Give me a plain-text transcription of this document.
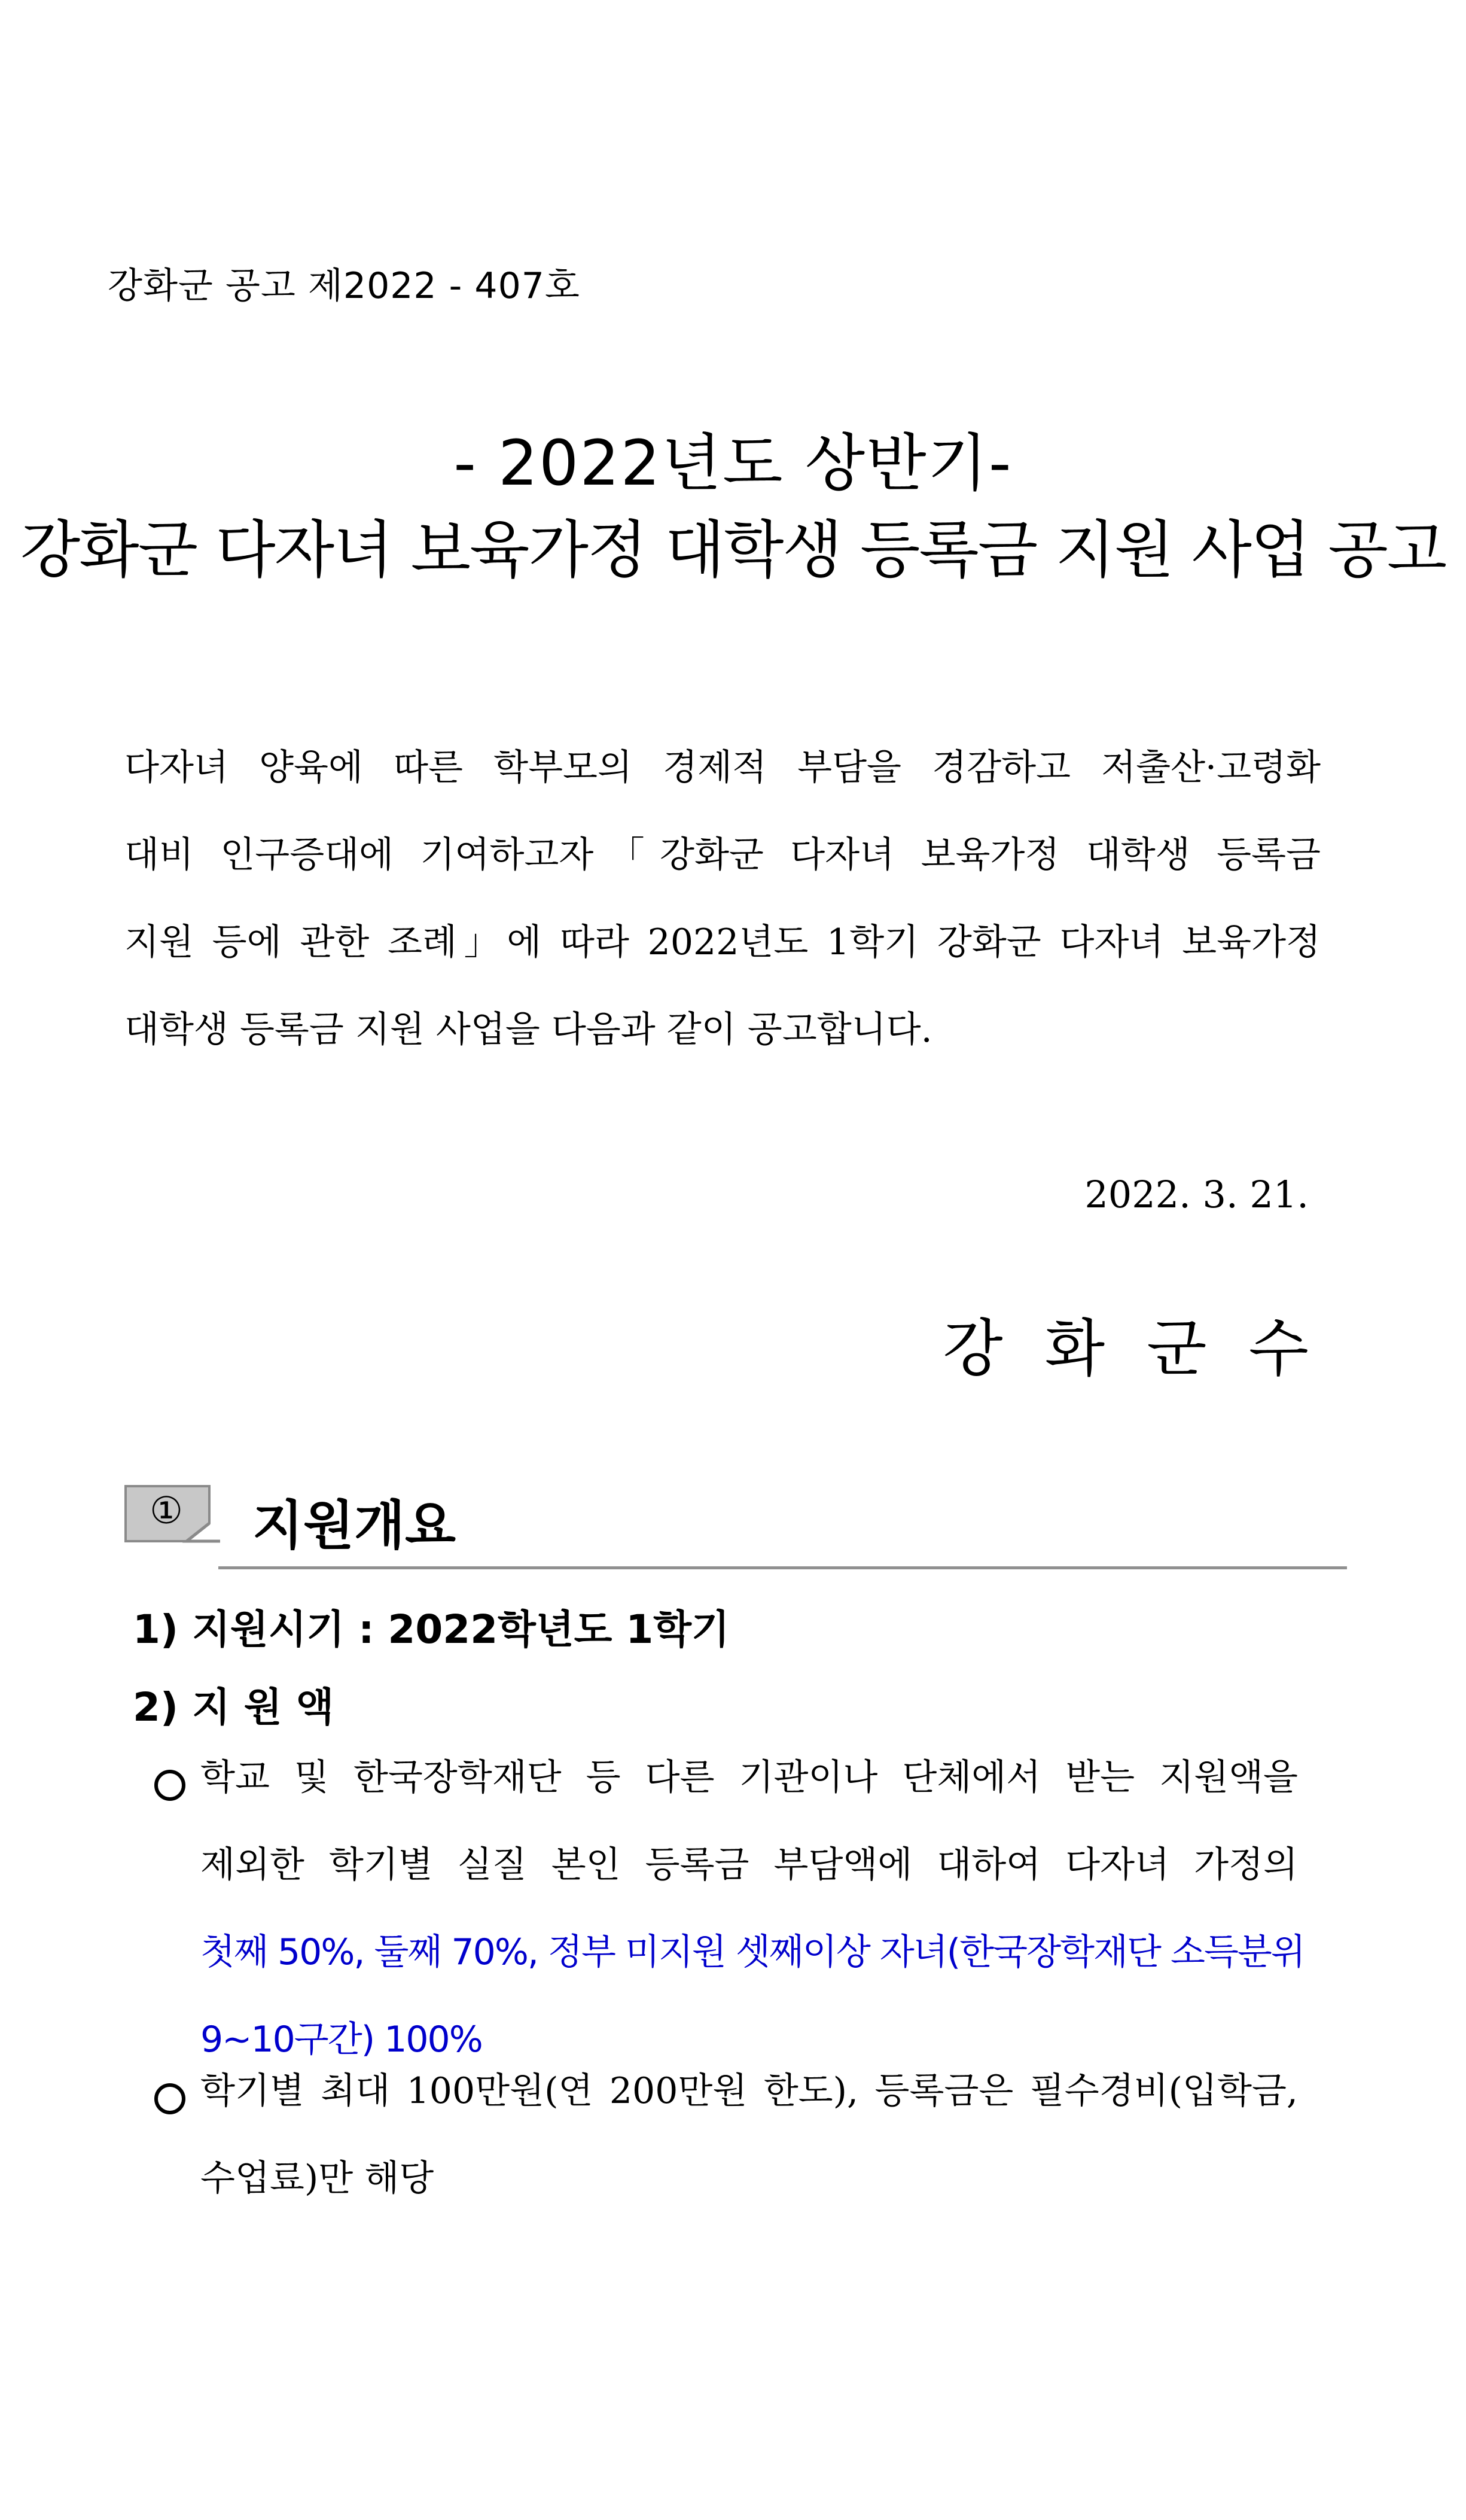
강화군 공고 제2022 - 407호
- 2022년도 상반기-
강화군 다자녀 보육가정 대학생 등록금 지원 사업 공고
다자녀 양육에 따른 학부모의 경제적 부담을 경감하고 저출산·고령화
대비 인구증대에 기여하고자「강화군 다자녀 보육가정 대학생 등록금
지원 등에 관한 조례」에 따라 2022년도 1학기 강화군 다자녀 보육가정
대학생 등록금 지원 사업을 다음과 같이 공고합니다.
2022. 3. 21.
강화군수
① 지원개요
1) 지원시기 : 2022학년도 1학기
2) 지 원 액
학교 및 한국장학재단 등 다른 기관이나 단체에서 받는 지원액을
제외한 학기별 실질 본인 등록금 부담액에 대하여 다자녀 가정의
첫째 50%, 둘째 70%, 정부 미지원 셋째이상 자녀(한국장학재단 소득분위
9~10구간) 100%
학기별 최대 100만원(연 200만원 한도), 등록금은 필수경비(입학금,
수업료)만 해당
